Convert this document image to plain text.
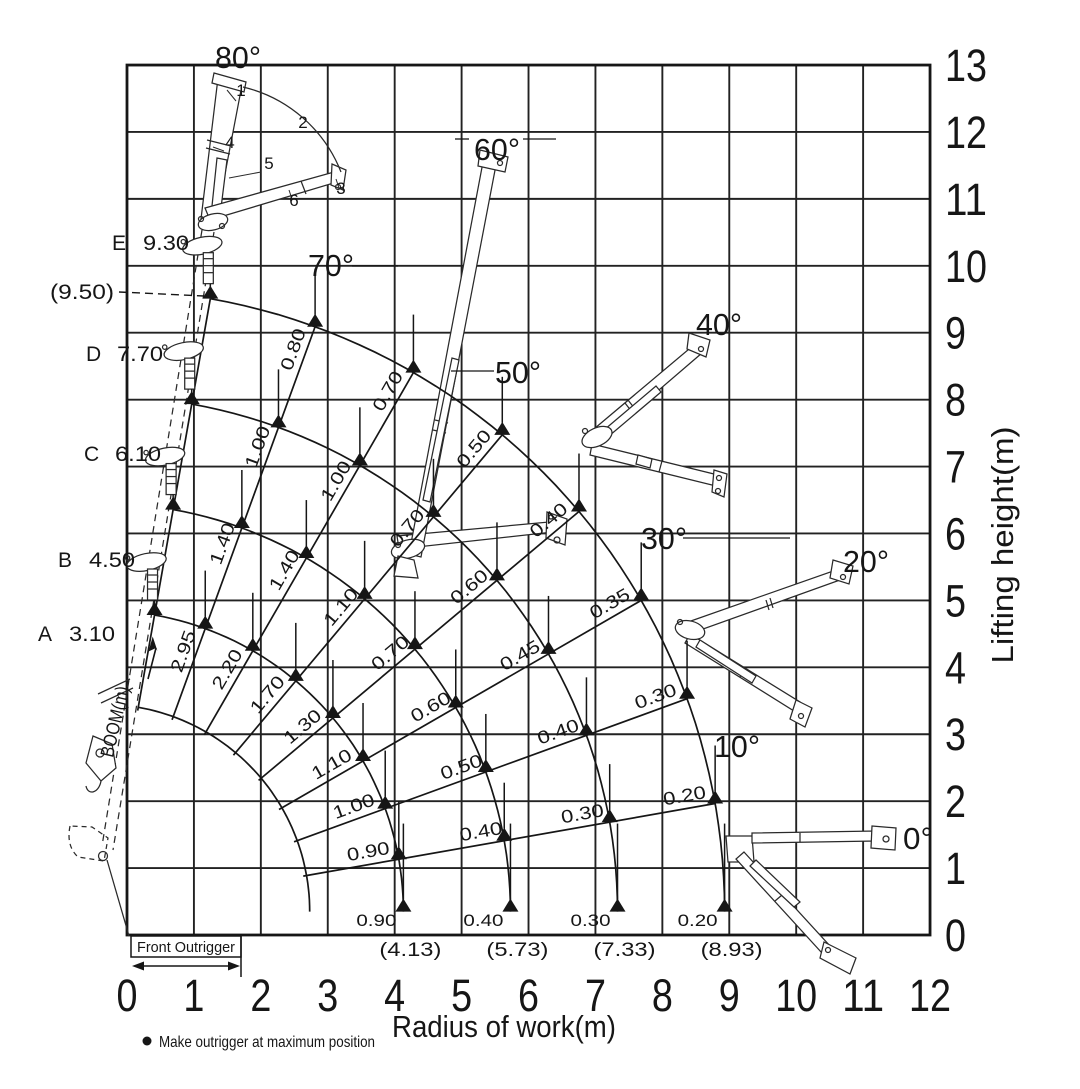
0.90
0.90
1.00
1.10
1.30
1.70
2.20
2.95
0.40
0.40
0.50
0.60
0.70
1.10
1.40
1.40
0.30
0.30
0.40
0.45
0.60
0.70
1.00
1.00
0.20
0.20
0.30
0.35
0.40
0.50
0.70
0.80
0°
10°
20°
30°
40°
50°
60°
70°
80°
0 1 2 3 4 5 6 7 8 9 10 11 12
0
1
2
3
4
5
6
7
8
9
10
11
12
13
A 3.10
B 4.50
C 6.10
D 7.70
E 9.30
(4.13) (5.73) (7.33) (8.93)
1
2
3
4
5
6
Radius of work(m)
Lifting height(m)
BOOM(m)
(9.50)
Front Outrigger
Make outrigger at maximum position
